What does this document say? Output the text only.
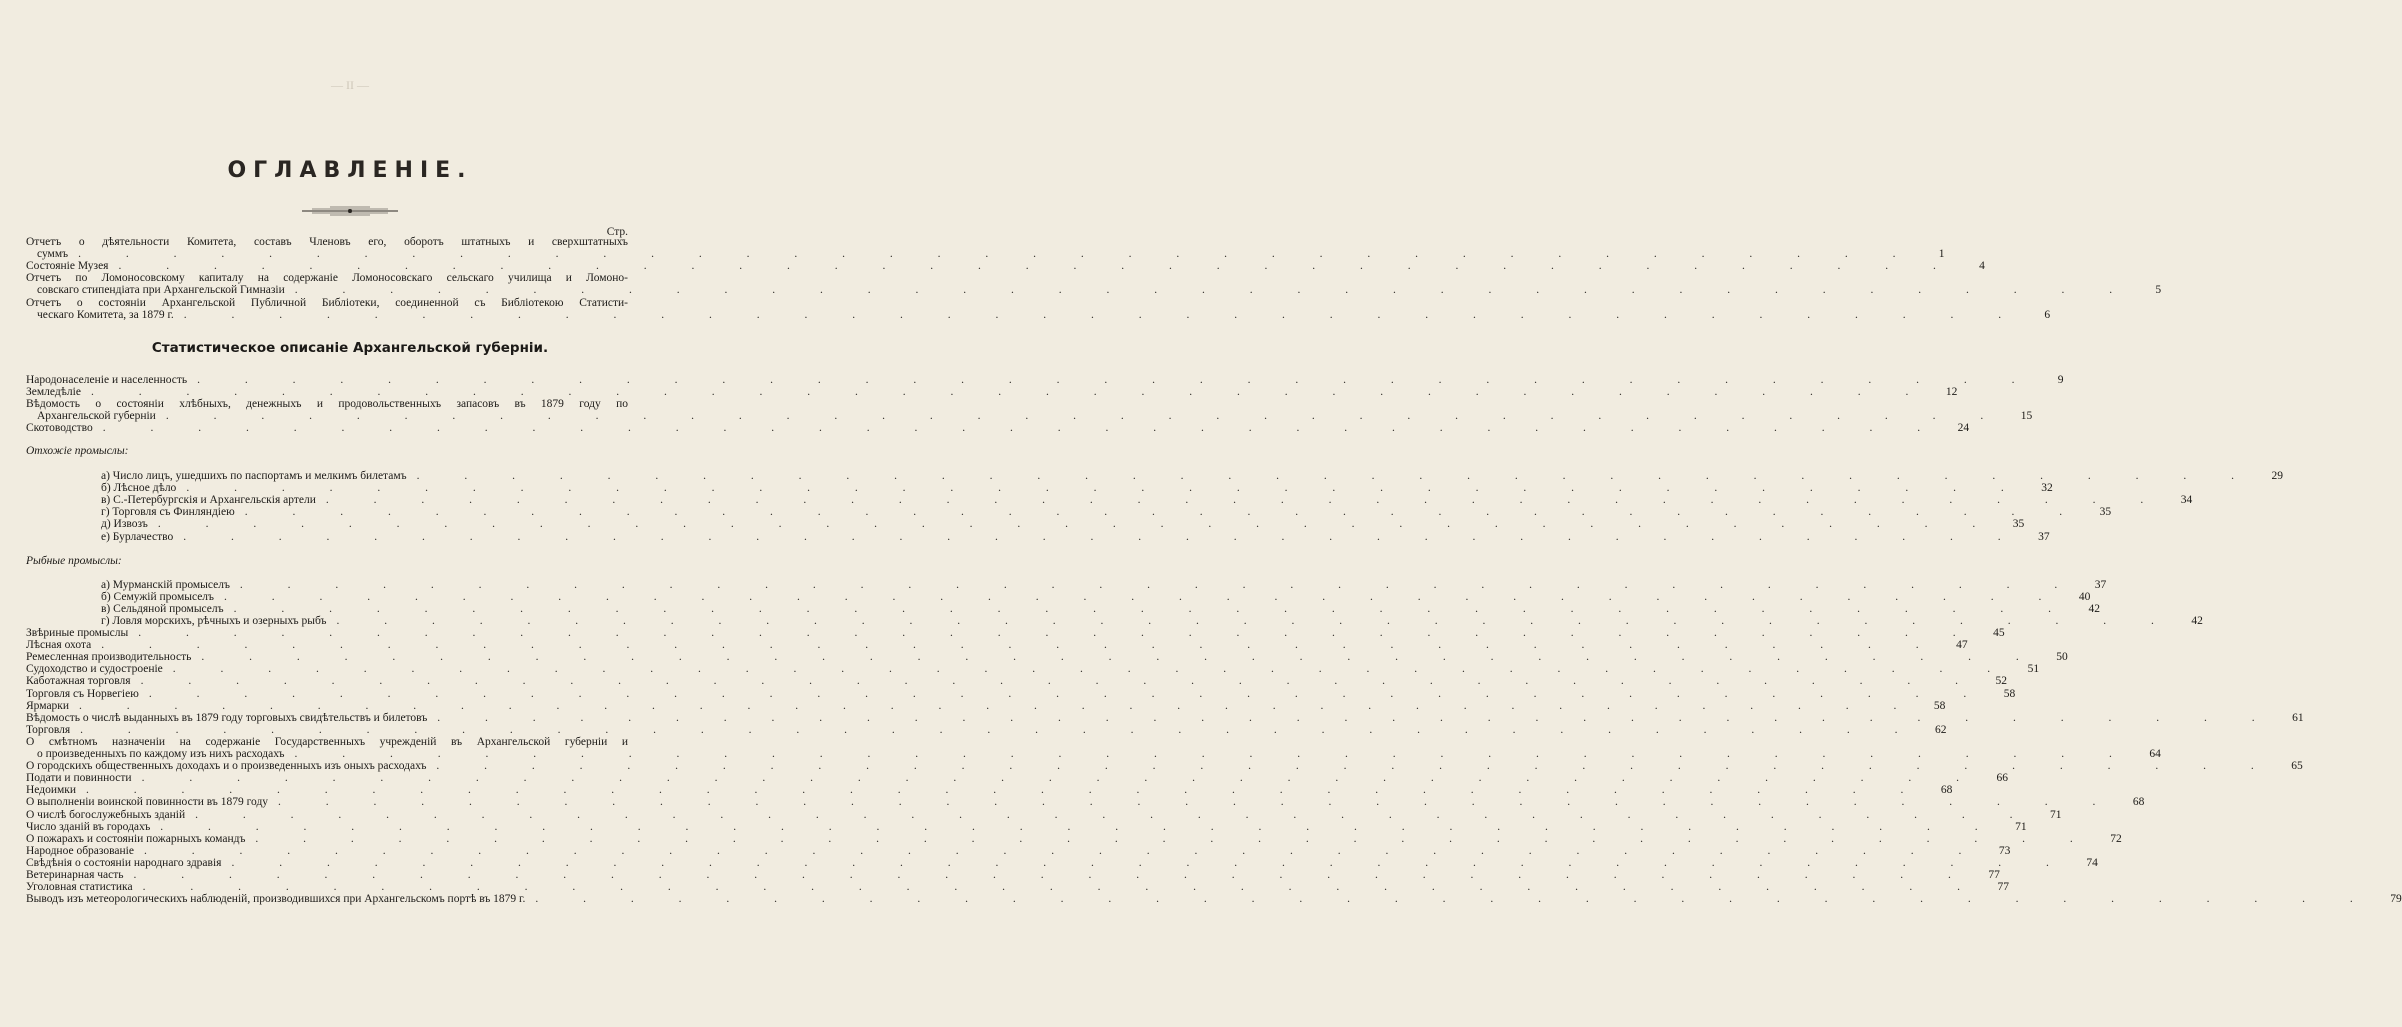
— II —
ОГЛАВЛЕНІЕ.
Стр.
Статистическое описаніе Архангельской губерніи.
Отчетъ о дѣятельности Комитета, составъ Членовъ его, оборотъ штатныхъ и сверхштатныхъ
суммъ . . . . . . . . . . . . . . . . . . . . . . . . . . . . . . . . . . . . . . .	1
Состояніе Музея . . . . . . . . . . . . . . . . . . . . . . . . . . . . . . . . . . . . . . .	4
Отчетъ по Ломоносовскому капиталу на содержаніе Ломоносовскаго сельскаго училища и Ломоно-
совскаго стипендіата при Архангельской Гимназіи . . . . . . . . . . . . . . . . . . . . . . . . . . . . . . . . . . . . . . .	5
Отчетъ о состояніи Архангельской Публичной Библіотеки, соединенной съ Библіотекою Статисти-
ческаго Комитета, за 1879 г. . . . . . . . . . . . . . . . . . . . . . . . . . . . . . . . . . . . . . . .	6
Народонаселеніе и населенность . . . . . . . . . . . . . . . . . . . . . . . . . . . . . . . . . . . . . . .	9
Земледѣліе . . . . . . . . . . . . . . . . . . . . . . . . . . . . . . . . . . . . . . .	12
Вѣдомость о состояніи хлѣбныхъ, денежныхъ и продовольственныхъ запасовъ въ 1879 году по
Архангельской губерніи . . . . . . . . . . . . . . . . . . . . . . . . . . . . . . . . . . . . . . .	15
Скотоводство . . . . . . . . . . . . . . . . . . . . . . . . . . . . . . . . . . . . . . .	24
Отхожіе промыслы:
а) Число лицъ, ушедшихъ по паспортамъ и мелкимъ билетамъ . . . . . . . . . . . . . . . . . . . . . . . . . . . . . . . . . . . . . . .	29
б) Лѣсное дѣло . . . . . . . . . . . . . . . . . . . . . . . . . . . . . . . . . . . . . . .	32
в) С.-Петербургскія и Архангельскія артели . . . . . . . . . . . . . . . . . . . . . . . . . . . . . . . . . . . . . . .	34
г) Торговля съ Финляндіею . . . . . . . . . . . . . . . . . . . . . . . . . . . . . . . . . . . . . . .	35
д) Извозъ . . . . . . . . . . . . . . . . . . . . . . . . . . . . . . . . . . . . . . .	35
е) Бурлачество . . . . . . . . . . . . . . . . . . . . . . . . . . . . . . . . . . . . . . .	37
Рыбные промыслы:
а) Мурманскій промыселъ . . . . . . . . . . . . . . . . . . . . . . . . . . . . . . . . . . . . . . .	37
б) Семужій промыселъ . . . . . . . . . . . . . . . . . . . . . . . . . . . . . . . . . . . . . . .	40
в) Сельдяной промыселъ . . . . . . . . . . . . . . . . . . . . . . . . . . . . . . . . . . . . . . .	42
г) Ловля морскихъ, рѣчныхъ и озерныхъ рыбъ . . . . . . . . . . . . . . . . . . . . . . . . . . . . . . . . . . . . . . .	42
Звѣриные промыслы . . . . . . . . . . . . . . . . . . . . . . . . . . . . . . . . . . . . . . .	45
Лѣсная охота . . . . . . . . . . . . . . . . . . . . . . . . . . . . . . . . . . . . . . .	47
Ремесленная производительность . . . . . . . . . . . . . . . . . . . . . . . . . . . . . . . . . . . . . . .	50
Судоходство и судостроеніе . . . . . . . . . . . . . . . . . . . . . . . . . . . . . . . . . . . . . . .	51
Каботажная торговля . . . . . . . . . . . . . . . . . . . . . . . . . . . . . . . . . . . . . . .	52
Торговля съ Норвегіею . . . . . . . . . . . . . . . . . . . . . . . . . . . . . . . . . . . . . . .	58
Ярмарки . . . . . . . . . . . . . . . . . . . . . . . . . . . . . . . . . . . . . . .	58
Вѣдомость о числѣ выданныхъ въ 1879 году торговыхъ свидѣтельствъ и билетовъ . . . . . . . . . . . . . . . . . . . . . . . . . . . . . . . . . . . . . . .	61
Торговля . . . . . . . . . . . . . . . . . . . . . . . . . . . . . . . . . . . . . . .	62
О смѣтномъ назначеніи на содержаніе Государственныхъ учрежденій въ Архангельской губерніи и
о произведенныхъ по каждому изъ нихъ расходахъ . . . . . . . . . . . . . . . . . . . . . . . . . . . . . . . . . . . . . . .	64
О городскихъ общественныхъ доходахъ и о произведенныхъ изъ оныхъ расходахъ . . . . . . . . . . . . . . . . . . . . . . . . . . . . . . . . . . . . . . .	65
Подати и повинности . . . . . . . . . . . . . . . . . . . . . . . . . . . . . . . . . . . . . . .	66
Недоимки . . . . . . . . . . . . . . . . . . . . . . . . . . . . . . . . . . . . . . .	68
О выполненіи воинской повинности въ 1879 году . . . . . . . . . . . . . . . . . . . . . . . . . . . . . . . . . . . . . . .	68
О числѣ богослужебныхъ зданій . . . . . . . . . . . . . . . . . . . . . . . . . . . . . . . . . . . . . . .	71
Число зданій въ городахъ . . . . . . . . . . . . . . . . . . . . . . . . . . . . . . . . . . . . . . .	71
О пожарахъ и состояніи пожарныхъ командъ . . . . . . . . . . . . . . . . . . . . . . . . . . . . . . . . . . . . . . .	72
Народное образованіе . . . . . . . . . . . . . . . . . . . . . . . . . . . . . . . . . . . . . . .	73
Свѣдѣнія о состояніи народнаго здравія . . . . . . . . . . . . . . . . . . . . . . . . . . . . . . . . . . . . . . .	74
Ветеринарная часть . . . . . . . . . . . . . . . . . . . . . . . . . . . . . . . . . . . . . . .	77
Уголовная статистика . . . . . . . . . . . . . . . . . . . . . . . . . . . . . . . . . . . . . . .	77
Выводъ изъ метеорологическихъ наблюденій, производившихся при Архангельскомъ портѣ въ 1879 г. . . . . . . . . . . . . . . . . . . . . . . . . . . . . . . . . . . . . . . .	79
